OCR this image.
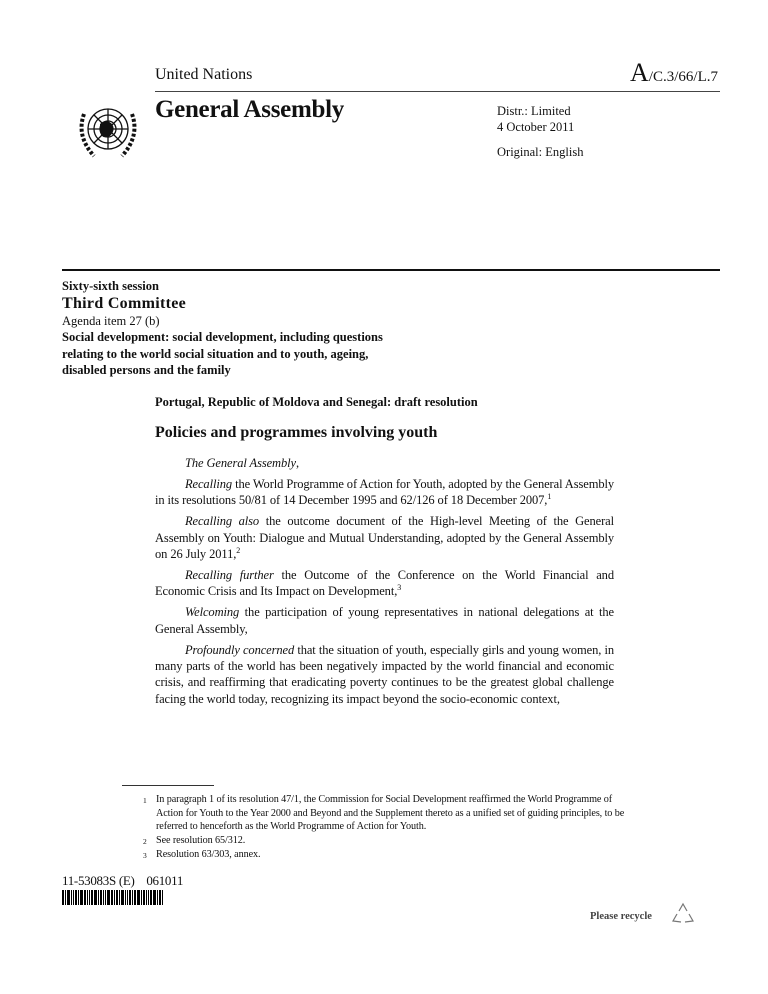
United Nations	A/C.3/66/L.7
General Assembly	Distr.: Limited
4 October 2011
Original: English
Sixty-sixth session
Third Committee
Agenda item 27 (b)
Social development: social development, including questions
relating to the world social situation and to youth, ageing,
disabled persons and the family
Portugal, Republic of Moldova and Senegal: draft resolution
Policies and programmes involving youth

The General Assembly,

Recalling the World Programme of Action for Youth, adopted by the General Assembly in its resolutions 50/81 of 14 December 1995 and 62/126 of 18 December 2007,$^1$

Recalling also the outcome document of the High-level Meeting of the General Assembly on Youth: Dialogue and Mutual Understanding, adopted by the General Assembly on 26 July 2011,$^2$

Recalling further the Outcome of the Conference on the World Financial and Economic Crisis and Its Impact on Development,$^3$

Welcoming the participation of young representatives in national delegations at the General Assembly,

Profoundly concerned that the situation of youth, especially girls and young women, in many parts of the world has been negatively impacted by the world financial and economic crisis, and reaffirming that eradicating poverty continues to be the greatest global challenge facing the world today, recognizing its impact beyond the socio-economic context,

1 In paragraph 1 of its resolution 47/1, the Commission for Social Development reaffirmed the World Programme of Action for Youth to the Year 2000 and Beyond and the Supplement thereto as a unified set of guiding principles, to be referred to henceforth as the World Programme of Action for Youth.
2 See resolution 65/312.
3 Resolution 63/303, annex.
11-53083S (E)    061011
Please recycle
